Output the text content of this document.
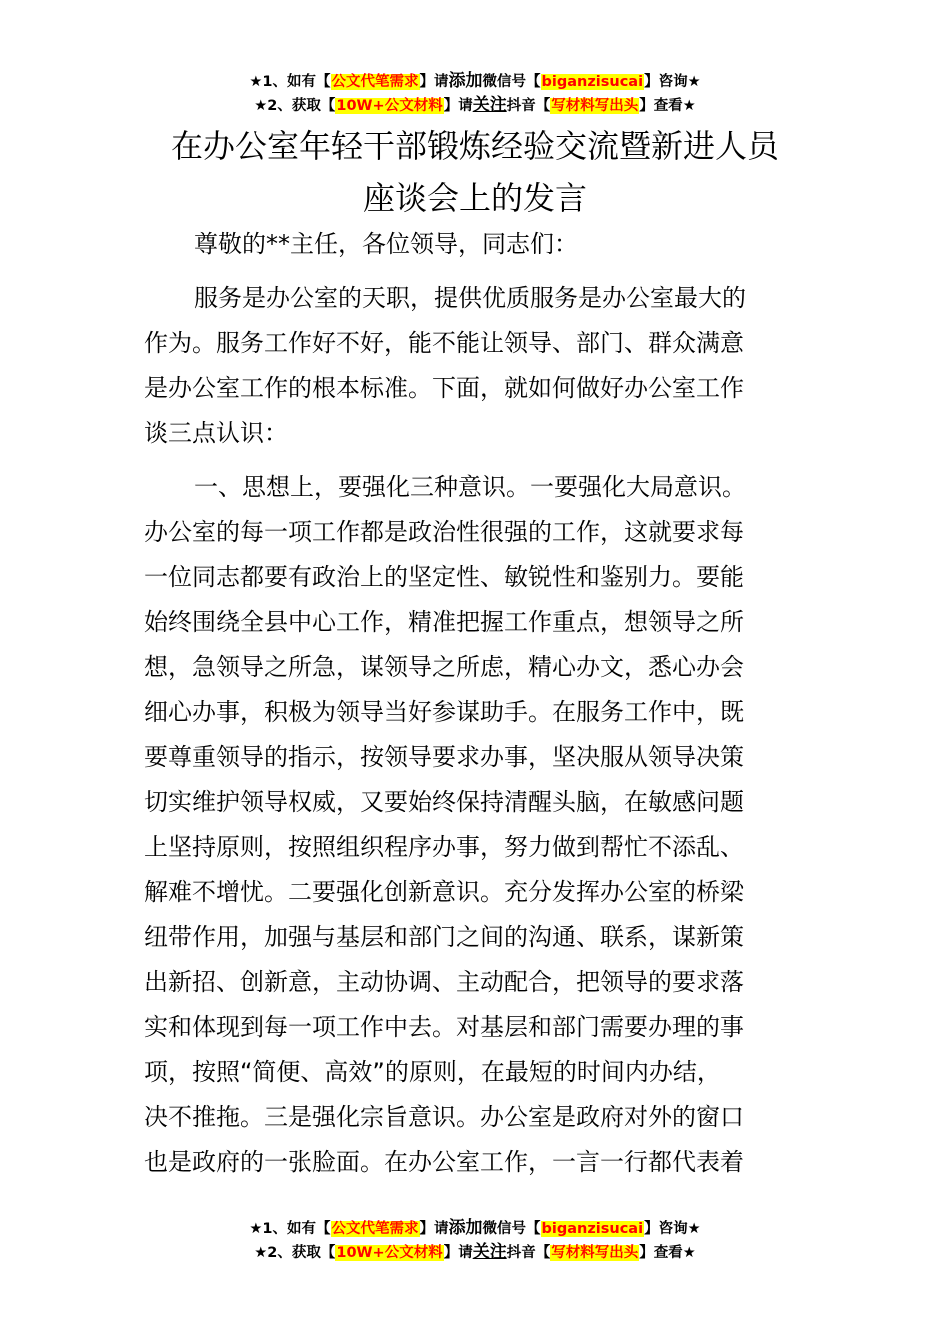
★1、如有【公文代笔需求】请添加微信号【biganzisucai】咨询★
★2、获取【10W+公文材料】请关注抖音【写材料写出头】查看★
在办公室年轻干部锻炼经验交流暨新进人员
座谈会上的发言
尊敬的**主任，各位领导，同志们：
服务是办公室的天职，提供优质服务是办公室最大的
作为。服务工作好不好，能不能让领导、部门、群众满意
是办公室工作的根本标准。下面，就如何做好办公室工作
谈三点认识：
一、思想上，要强化三种意识。一要强化大局意识。
办公室的每一项工作都是政治性很强的工作，这就要求每
一位同志都要有政治上的坚定性、敏锐性和鉴别力。要能
始终围绕全县中心工作，精准把握工作重点，想领导之所
想，急领导之所急，谋领导之所虑，精心办文，悉心办会
细心办事，积极为领导当好参谋助手。在服务工作中，既
要尊重领导的指示，按领导要求办事，坚决服从领导决策
切实维护领导权威，又要始终保持清醒头脑，在敏感问题
上坚持原则，按照组织程序办事，努力做到帮忙不添乱、
解难不增忧。二要强化创新意识。充分发挥办公室的桥梁
纽带作用，加强与基层和部门之间的沟通、联系，谋新策
出新招、创新意，主动协调、主动配合，把领导的要求落
实和体现到每一项工作中去。对基层和部门需要办理的事
项，按照“简便、高效”的原则，在最短的时间内办结，
决不推拖。三是强化宗旨意识。办公室是政府对外的窗口
也是政府的一张脸面。在办公室工作，一言一行都代表着
★1、如有【公文代笔需求】请添加微信号【biganzisucai】咨询★
★2、获取【10W+公文材料】请关注抖音【写材料写出头】查看★
